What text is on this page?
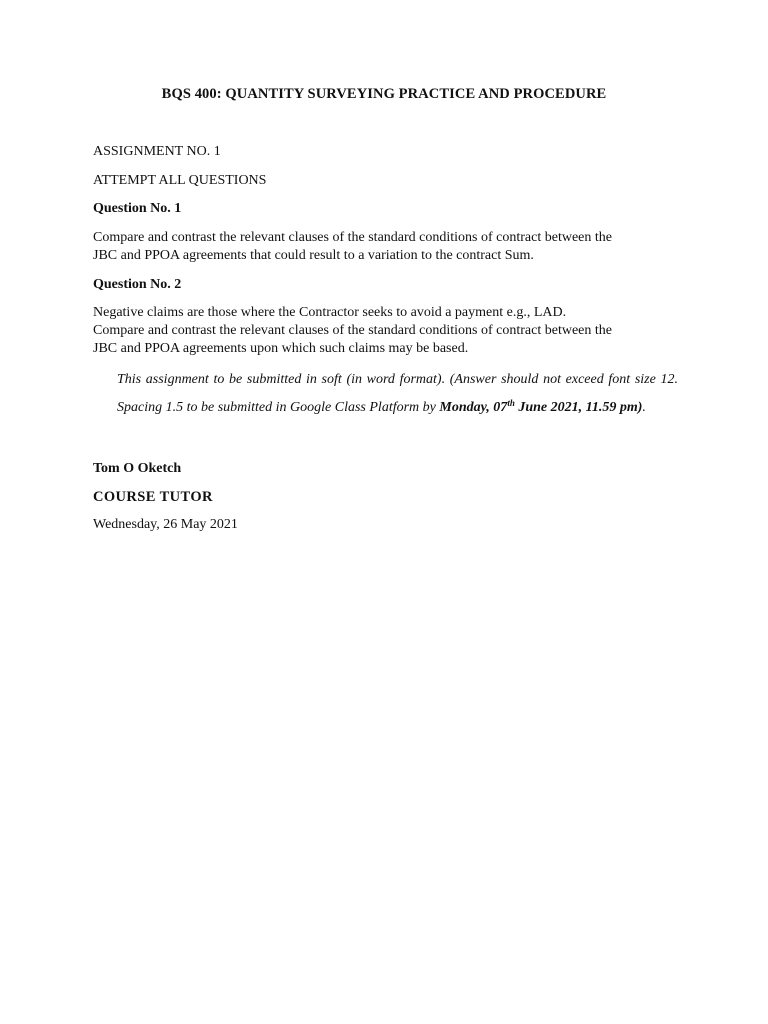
BQS 400: QUANTITY SURVEYING PRACTICE AND PROCEDURE
ASSIGNMENT NO. 1
ATTEMPT ALL QUESTIONS
Question No. 1
Compare and contrast the relevant clauses of the standard conditions of contract between the
JBC and PPOA agreements that could result to a variation to the contract Sum.
Question No. 2
Negative claims are those where the Contractor seeks to avoid a payment e.g., LAD.
Compare and contrast the relevant clauses of the standard conditions of contract between the
JBC and PPOA agreements upon which such claims may be based.
This assignment to be submitted in soft (in word format). (Answer should not exceed font size 12. Spacing 1.5 to be submitted in Google Class Platform by Monday, 07th June 2021, 11.59 pm).
Tom O Oketch
COURSE TUTOR
Wednesday, 26 May 2021
